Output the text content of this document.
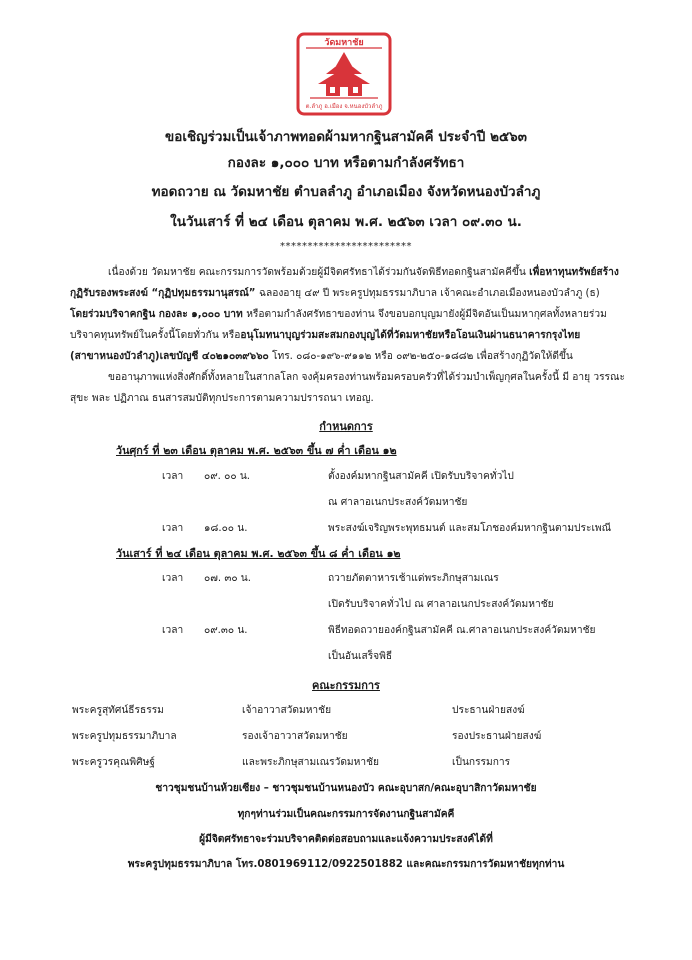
วัดมหาชัย
ต.ลำภู อ.เมือง จ.หนองบัวลำภู
ขอเชิญร่วมเป็นเจ้าภาพทอดผ้ามหากฐินสามัคคี ประจำปี ๒๕๖๓
กองละ ๑,๐๐๐ บาท หรือตามกำลังศรัทธา
ทอดถวาย ณ วัดมหาชัย ตำบลลำภู อำเภอเมือง จังหวัดหนองบัวลำภู
ในวันเสาร์ ที่ ๒๔ เดือน ตุลาคม พ.ศ. ๒๕๖๓ เวลา ๐๙.๓๐ น.
************************
เนื่องด้วย วัดมหาชัย คณะกรรมการวัดพร้อมด้วยผู้มีจิตศรัทธาได้ร่วมกันจัดพิธีทอดกฐินสามัคคีขึ้น เพื่อหาทุนทรัพย์สร้าง
กุฏิรับรองพระสงฆ์ “กุฏิปทุมธรรมานุสรณ์” ฉลองอายุ ๔๙ ปี พระครูปทุมธรรมาภิบาล เจ้าคณะอำเภอเมืองหนองบัวลำภู (ธ)
โดยร่วมบริจาคกฐิน กองละ ๑,๐๐๐ บาท หรือตามกำลังศรัทธาของท่าน จึงขอบอกบุญมายังผู้มีจิตอันเป็นมหากุศลทั้งหลายร่วม
บริจาคทุนทรัพย์ในครั้งนี้โดยทั่วกัน หรืออนุโมทนาบุญร่วมสะสมกองบุญได้ที่วัดมหาชัยหรือโอนเงินผ่านธนาคารกรุงไทย
(สาขาหนองบัวลำภู)เลขบัญชี ๔๐๒๑๐๓๙๖๖๐ โทร. ๐๘๐-๑๙๖-๙๑๑๒ หรือ ๐๙๒-๒๕๐-๑๘๘๒ เพื่อสร้างกุฏิวัดให้ดีขึ้น
ขออานุภาพแห่งสิ่งศักดิ์ทั้งหลายในสากลโลก จงคุ้มครองท่านพร้อมครอบครัวที่ได้ร่วมบำเพ็ญกุศลในครั้งนี้ มี อายุ วรรณะ
สุขะ พละ ปฏิภาณ ธนสารสมบัติทุกประการตามความปรารถนา เทอญ.
กำหนดการ
วันศุกร์ ที่ ๒๓ เดือน ตุลาคม พ.ศ. ๒๕๖๓ ขึ้น ๗ ค่ำ เดือน ๑๒
เวลา ๐๙. ๐๐ น.	ตั้งองค์มหากฐินสามัคคี เปิดรับบริจาคทั่วไป
ณ ศาลาอเนกประสงค์วัดมหาชัย
เวลา ๑๘.๐๐ น.	พระสงฆ์เจริญพระพุทธมนต์ และสมโภชองค์มหากฐินตามประเพณี
วันเสาร์ ที่ ๒๔ เดือน ตุลาคม พ.ศ. ๒๕๖๓ ขึ้น ๘ ค่ำ เดือน ๑๒
เวลา ๐๗. ๓๐ น.	ถวายภัตตาหารเช้าแด่พระภิกษุสามเณร
เปิดรับบริจาคทั่วไป ณ ศาลาอเนกประสงค์วัดมหาชัย
เวลา ๐๙.๓๐ น.	พิธีทอดถวายองค์กฐินสามัคคี ณ.ศาลาอเนกประสงค์วัดมหาชัย
เป็นอันเสร็จพิธี
คณะกรรมการ
พระครูสุทัศน์ธีรธรรม	เจ้าอาวาสวัดมหาชัย	ประธานฝ่ายสงฆ์
พระครูปทุมธรรมาภิบาล	รองเจ้าอาวาสวัดมหาชัย	รองประธานฝ่ายสงฆ์
พระครูวรคุณพิศิษฐ์	และพระภิกษุสามเณรวัดมหาชัย	เป็นกรรมการ
ชาวชุมชนบ้านห้วยเซียง – ชาวชุมชนบ้านหนองบัว คณะอุบาสก/คณะอุบาสิกาวัดมหาชัย
ทุกๆท่านร่วมเป็นคณะกรรมการจัดงานกฐินสามัคคี
ผู้มีจิตศรัทธาจะร่วมบริจาคติดต่อสอบถามและแจ้งความประสงค์ได้ที่
พระครูปทุมธรรมาภิบาล โทร.0801969112/0922501882 และคณะกรรมการวัดมหาชัยทุกท่าน
